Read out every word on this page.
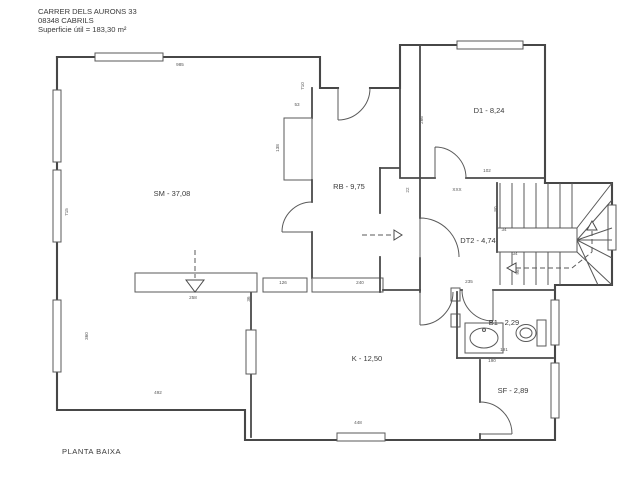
SM - 37,08
RB - 9,75
D1 - 8,24
DT2 - 4,74
K - 12,50
B1 - 2,29
SF - 2,89
985
710
53
138
715
258	36
126	240
360
492
448
102
XXX
22
266
235
34
34
80
98
190
191
CARRER DELS AURONS 33
08348 CABRILS
Superficie útil = 183,30 m²
PLANTA BAIXA
